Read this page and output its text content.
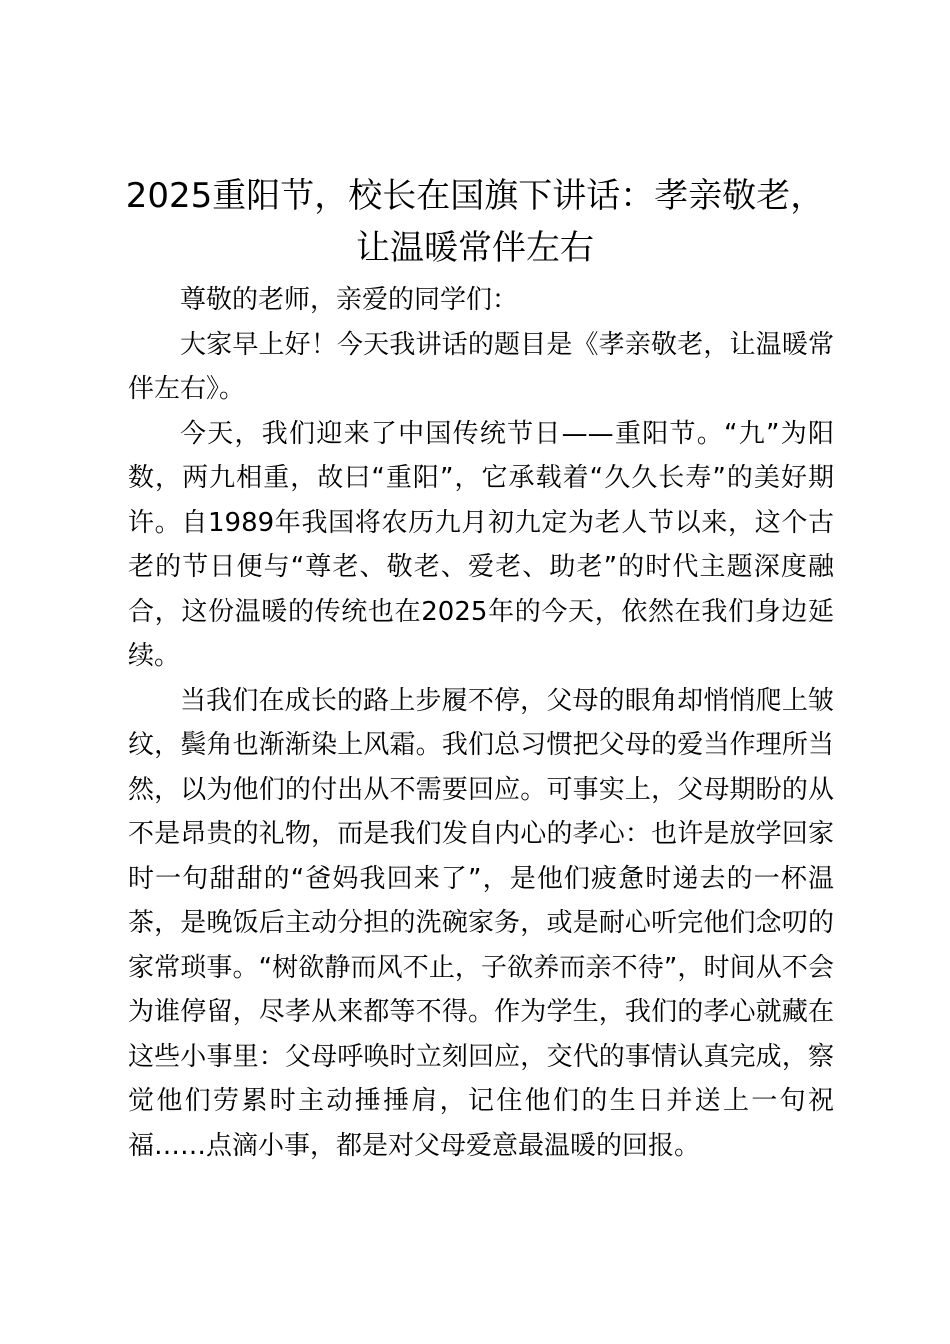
2025重阳节，校长在国旗下讲话：孝亲敬老，让温暖常伴左右

尊敬的老师，亲爱的同学们：

大家早上好！今天我讲话的题目是《孝亲敬老，让温暖常伴左右》。

今天，我们迎来了中国传统节日——重阳节。“九”为阳数，两九相重，故曰“重阳”，它承载着“久久长寿”的美好期许。自1989年我国将农历九月初九定为老人节以来，这个古老的节日便与“尊老、敬老、爱老、助老”的时代主题深度融合，这份温暖的传统也在2025年的今天，依然在我们身边延续。

当我们在成长的路上步履不停，父母的眼角却悄悄爬上皱纹，鬓角也渐渐染上风霜。我们总习惯把父母的爱当作理所当然，以为他们的付出从不需要回应。可事实上，父母期盼的从不是昂贵的礼物，而是我们发自内心的孝心：也许是放学回家时一句甜甜的“爸妈我回来了”，是他们疲惫时递去的一杯温茶，是晚饭后主动分担的洗碗家务，或是耐心听完他们念叨的家常琐事。“树欲静而风不止，子欲养而亲不待”，时间从不会为谁停留，尽孝从来都等不得。作为学生，我们的孝心就藏在这些小事里：父母呼唤时立刻回应，交代的事情认真完成，察觉他们劳累时主动捶捶肩，记住他们的生日并送上一句祝福……点滴小事，都是对父母爱意最温暖的回报。
